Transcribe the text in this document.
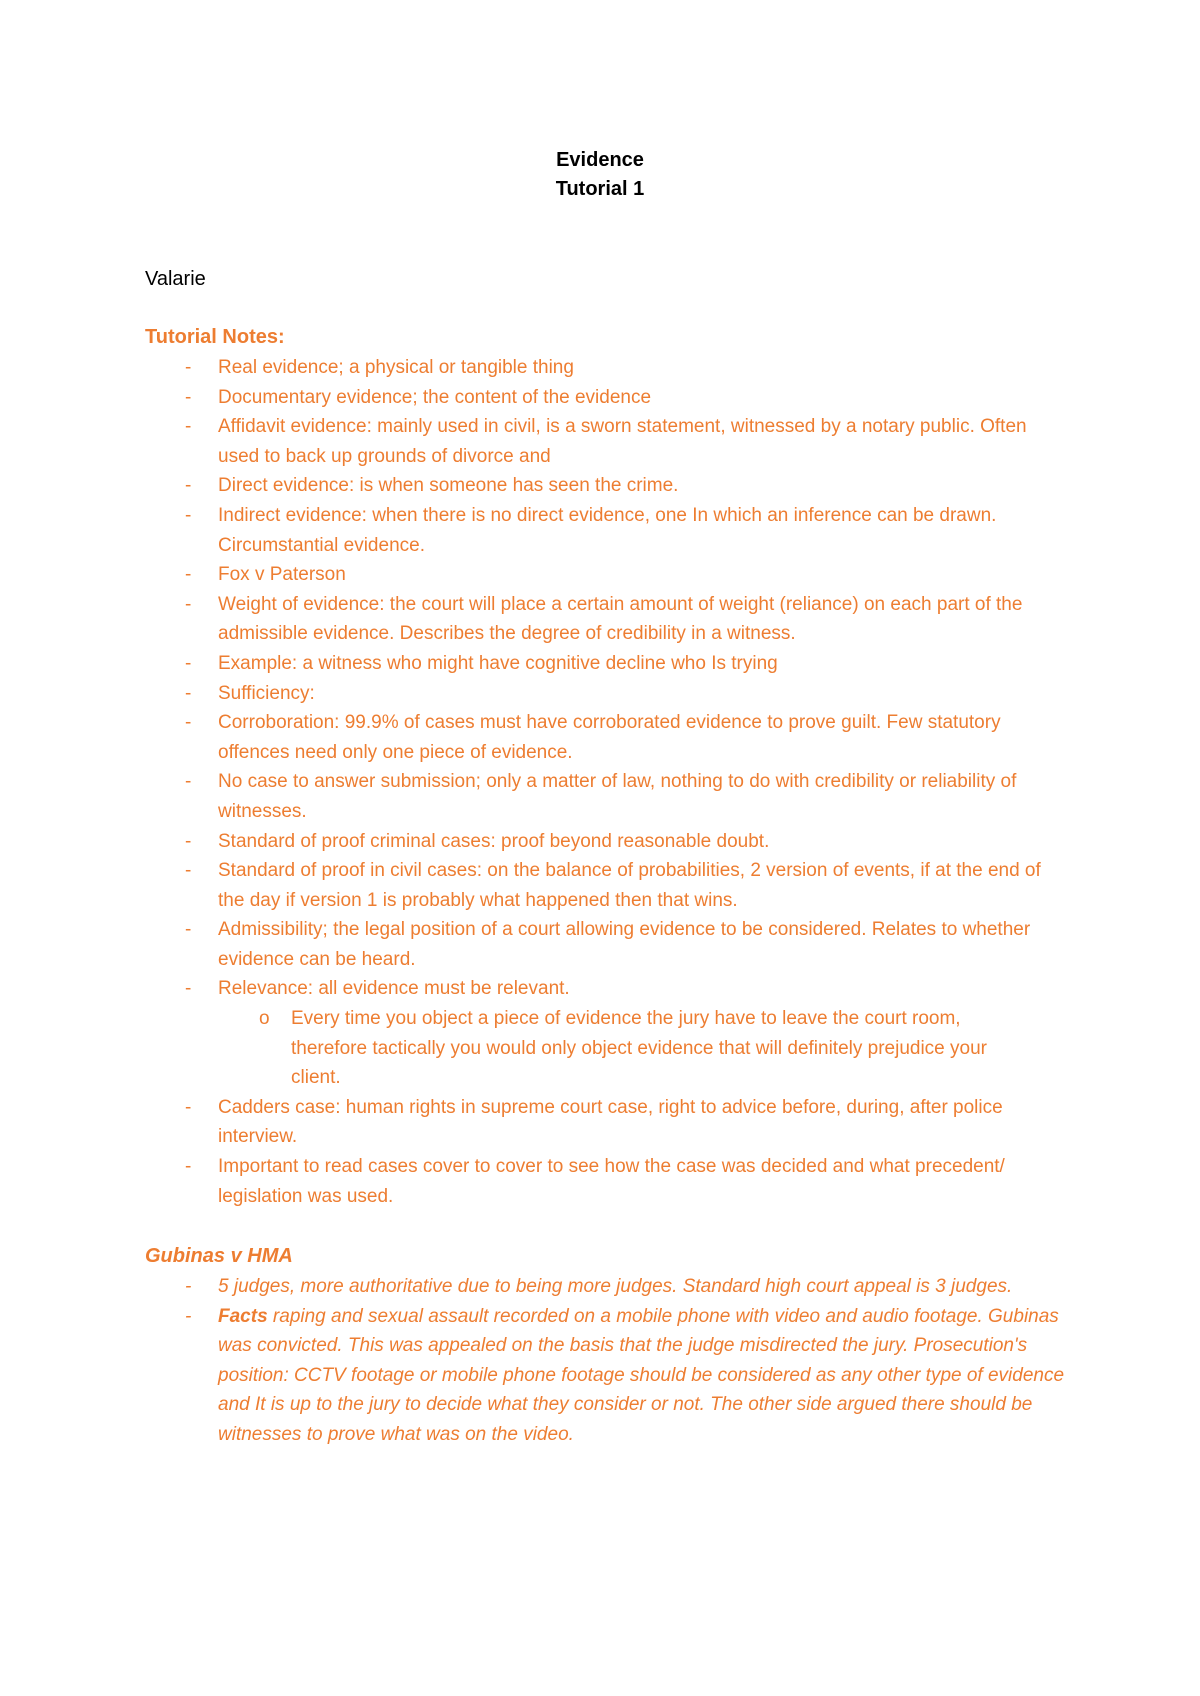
Evidence
Tutorial 1
Valarie
Tutorial Notes:
- Real evidence; a physical or tangible thing
- Documentary evidence; the content of the evidence
- Affidavit evidence: mainly used in civil, is a sworn statement, witnessed by a notary public. Often used to back up grounds of divorce and
- Direct evidence: is when someone has seen the crime.
- Indirect evidence: when there is no direct evidence, one In which an inference can be drawn. Circumstantial evidence.
- Fox v Paterson
- Weight of evidence: the court will place a certain amount of weight (reliance) on each part of the admissible evidence. Describes the degree of credibility in a witness.
- Example: a witness who might have cognitive decline who Is trying
- Sufficiency:
- Corroboration: 99.9% of cases must have corroborated evidence to prove guilt. Few statutory offences need only one piece of evidence.
- No case to answer submission; only a matter of law, nothing to do with credibility or reliability of witnesses.
- Standard of proof criminal cases: proof beyond reasonable doubt.
- Standard of proof in civil cases: on the balance of probabilities, 2 version of events, if at the end of the day if version 1 is probably what happened then that wins.
- Admissibility; the legal position of a court allowing evidence to be considered. Relates to whether evidence can be heard.
- Relevance: all evidence must be relevant.
o Every time you object a piece of evidence the jury have to leave the court room, therefore tactically you would only object evidence that will definitely prejudice your client.
- Cadders case: human rights in supreme court case, right to advice before, during, after police interview.
- Important to read cases cover to cover to see how the case was decided and what precedent/ legislation was used.
Gubinas v HMA
- 5 judges, more authoritative due to being more judges. Standard high court appeal is 3 judges.
- Facts raping and sexual assault recorded on a mobile phone with video and audio footage. Gubinas was convicted. This was appealed on the basis that the judge misdirected the jury. Prosecution's position: CCTV footage or mobile phone footage should be considered as any other type of evidence and It is up to the jury to decide what they consider or not. The other side argued there should be witnesses to prove what was on the video.
